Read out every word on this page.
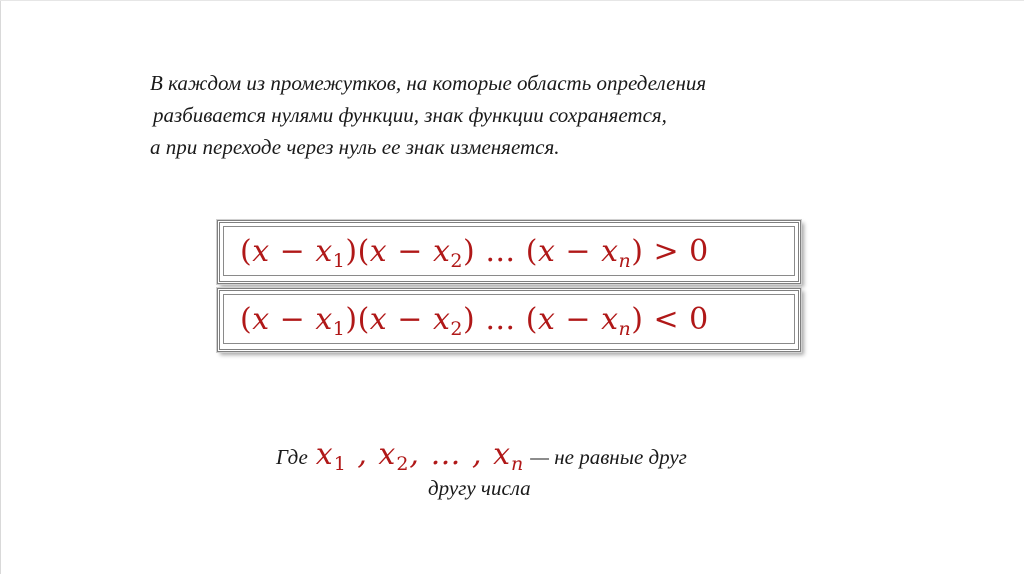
В каждом из промежутков, на которые область определения
разбивается нулями функции, знак функции сохраняется,
а при переходе через нуль ее знак изменяется.
$(x - x_1)(x - x_2)$ … $(x - x_n) > 0$
$(x - x_1)(x - x_2)$ … $(x - x_n) < 0$
Где $x_1$ , $x_2$, … , $x_n$ — не равные друг
другу числа
